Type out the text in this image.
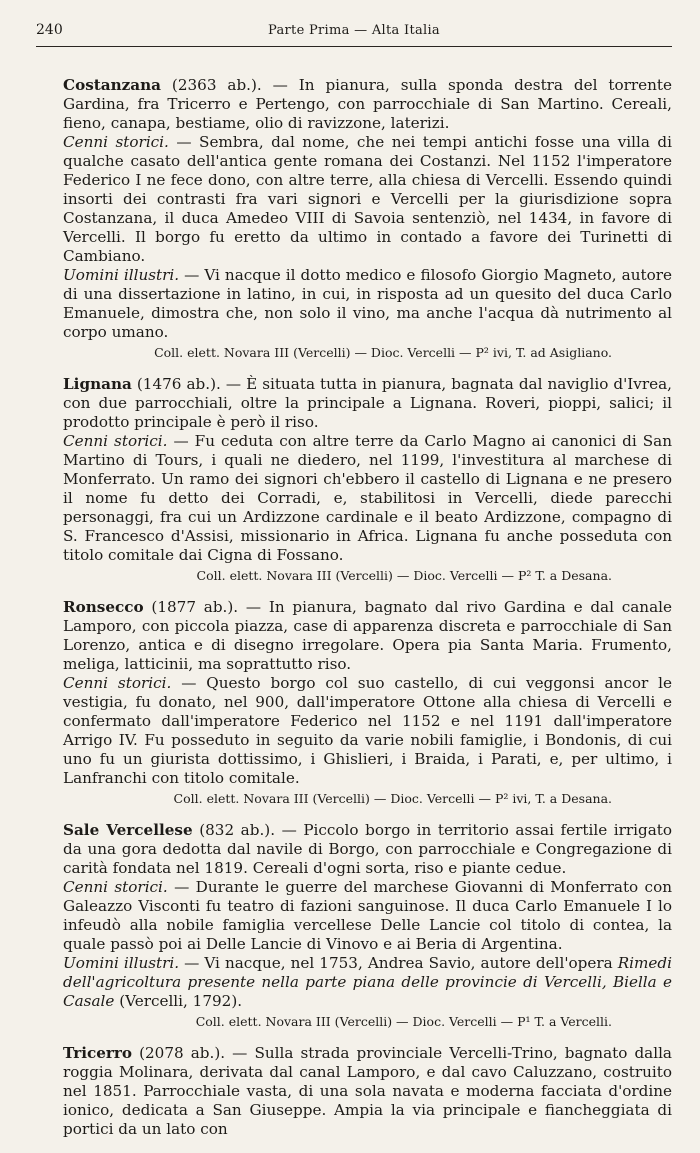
240	Parte Prima — Alta Italia

Costanzana (2363 ab.). — In pianura, sulla sponda destra del torrente Gardina, fra Tricerro e Pertengo, con parrocchiale di San Martino. Cereali, fieno, canapa, bestiame, olio di ravizzone, laterizi.

Cenni storici. — Sembra, dal nome, che nei tempi antichi fosse una villa di qualche casato dell'antica gente romana dei Costanzi. Nel 1152 l'imperatore Federico I ne fece dono, con altre terre, alla chiesa di Vercelli. Essendo quindi insorti dei contrasti fra vari signori e Vercelli per la giurisdizione sopra Costanzana, il duca Amedeo VIII di Savoia sentenziò, nel 1434, in favore di Vercelli. Il borgo fu eretto da ultimo in contado a favore dei Turinetti di Cambiano.

Uomini illustri. — Vi nacque il dotto medico e filosofo Giorgio Magneto, autore di una dissertazione in latino, in cui, in risposta ad un quesito del duca Carlo Emanuele, dimostra che, non solo il vino, ma anche l'acqua dà nutrimento al corpo umano.

Coll. elett. Novara III (Vercelli) — Dioc. Vercelli — P² ivi, T. ad Asigliano.

Lignana (1476 ab.). — È situata tutta in pianura, bagnata dal naviglio d'Ivrea, con due parrocchiali, oltre la principale a Lignana. Roveri, pioppi, salici; il prodotto principale è però il riso.

Cenni storici. — Fu ceduta con altre terre da Carlo Magno ai canonici di San Martino di Tours, i quali ne diedero, nel 1199, l'investitura al marchese di Monferrato. Un ramo dei signori ch'ebbero il castello di Lignana e ne presero il nome fu detto dei Corradi, e, stabilitosi in Vercelli, diede parecchi personaggi, fra cui un Ardizzone cardinale e il beato Ardizzone, compagno di S. Francesco d'Assisi, missionario in Africa. Lignana fu anche posseduta con titolo comitale dai Cigna di Fossano.

Coll. elett. Novara III (Vercelli) — Dioc. Vercelli — P² T. a Desana.

Ronsecco (1877 ab.). — In pianura, bagnato dal rivo Gardina e dal canale Lamporo, con piccola piazza, case di apparenza discreta e parrocchiale di San Lorenzo, antica e di disegno irregolare. Opera pia Santa Maria. Frumento, meliga, latticinii, ma soprattutto riso.

Cenni storici. — Questo borgo col suo castello, di cui veggonsi ancor le vestigia, fu donato, nel 900, dall'imperatore Ottone alla chiesa di Vercelli e confermato dall'imperatore Federico nel 1152 e nel 1191 dall'imperatore Arrigo IV. Fu posseduto in seguito da varie nobili famiglie, i Bondonis, di cui uno fu un giurista dottissimo, i Ghislieri, i Braida, i Parati, e, per ultimo, i Lanfranchi con titolo comitale.

Coll. elett. Novara III (Vercelli) — Dioc. Vercelli — P² ivi, T. a Desana.

Sale Vercellese (832 ab.). — Piccolo borgo in territorio assai fertile irrigato da una gora dedotta dal navile di Borgo, con parrocchiale e Congregazione di carità fondata nel 1819. Cereali d'ogni sorta, riso e piante cedue.

Cenni storici. — Durante le guerre del marchese Giovanni di Monferrato con Galeazzo Visconti fu teatro di fazioni sanguinose. Il duca Carlo Emanuele I lo infeudò alla nobile famiglia vercellese Delle Lancie col titolo di contea, la quale passò poi ai Delle Lancie di Vinovo e ai Beria di Argentina.

Uomini illustri. — Vi nacque, nel 1753, Andrea Savio, autore dell'opera Rimedi dell'agricoltura presente nella parte piana delle provincie di Vercelli, Biella e Casale (Vercelli, 1792).

Coll. elett. Novara III (Vercelli) — Dioc. Vercelli — P¹ T. a Vercelli.

Tricerro (2078 ab.). — Sulla strada provinciale Vercelli-Trino, bagnato dalla roggia Molinara, derivata dal canal Lamporo, e dal cavo Caluzzano, costruito nel 1851. Parrocchiale vasta, di una sola navata e moderna facciata d'ordine ionico, dedicata a San Giuseppe. Ampia la via principale e fiancheggiata di portici da un lato con
